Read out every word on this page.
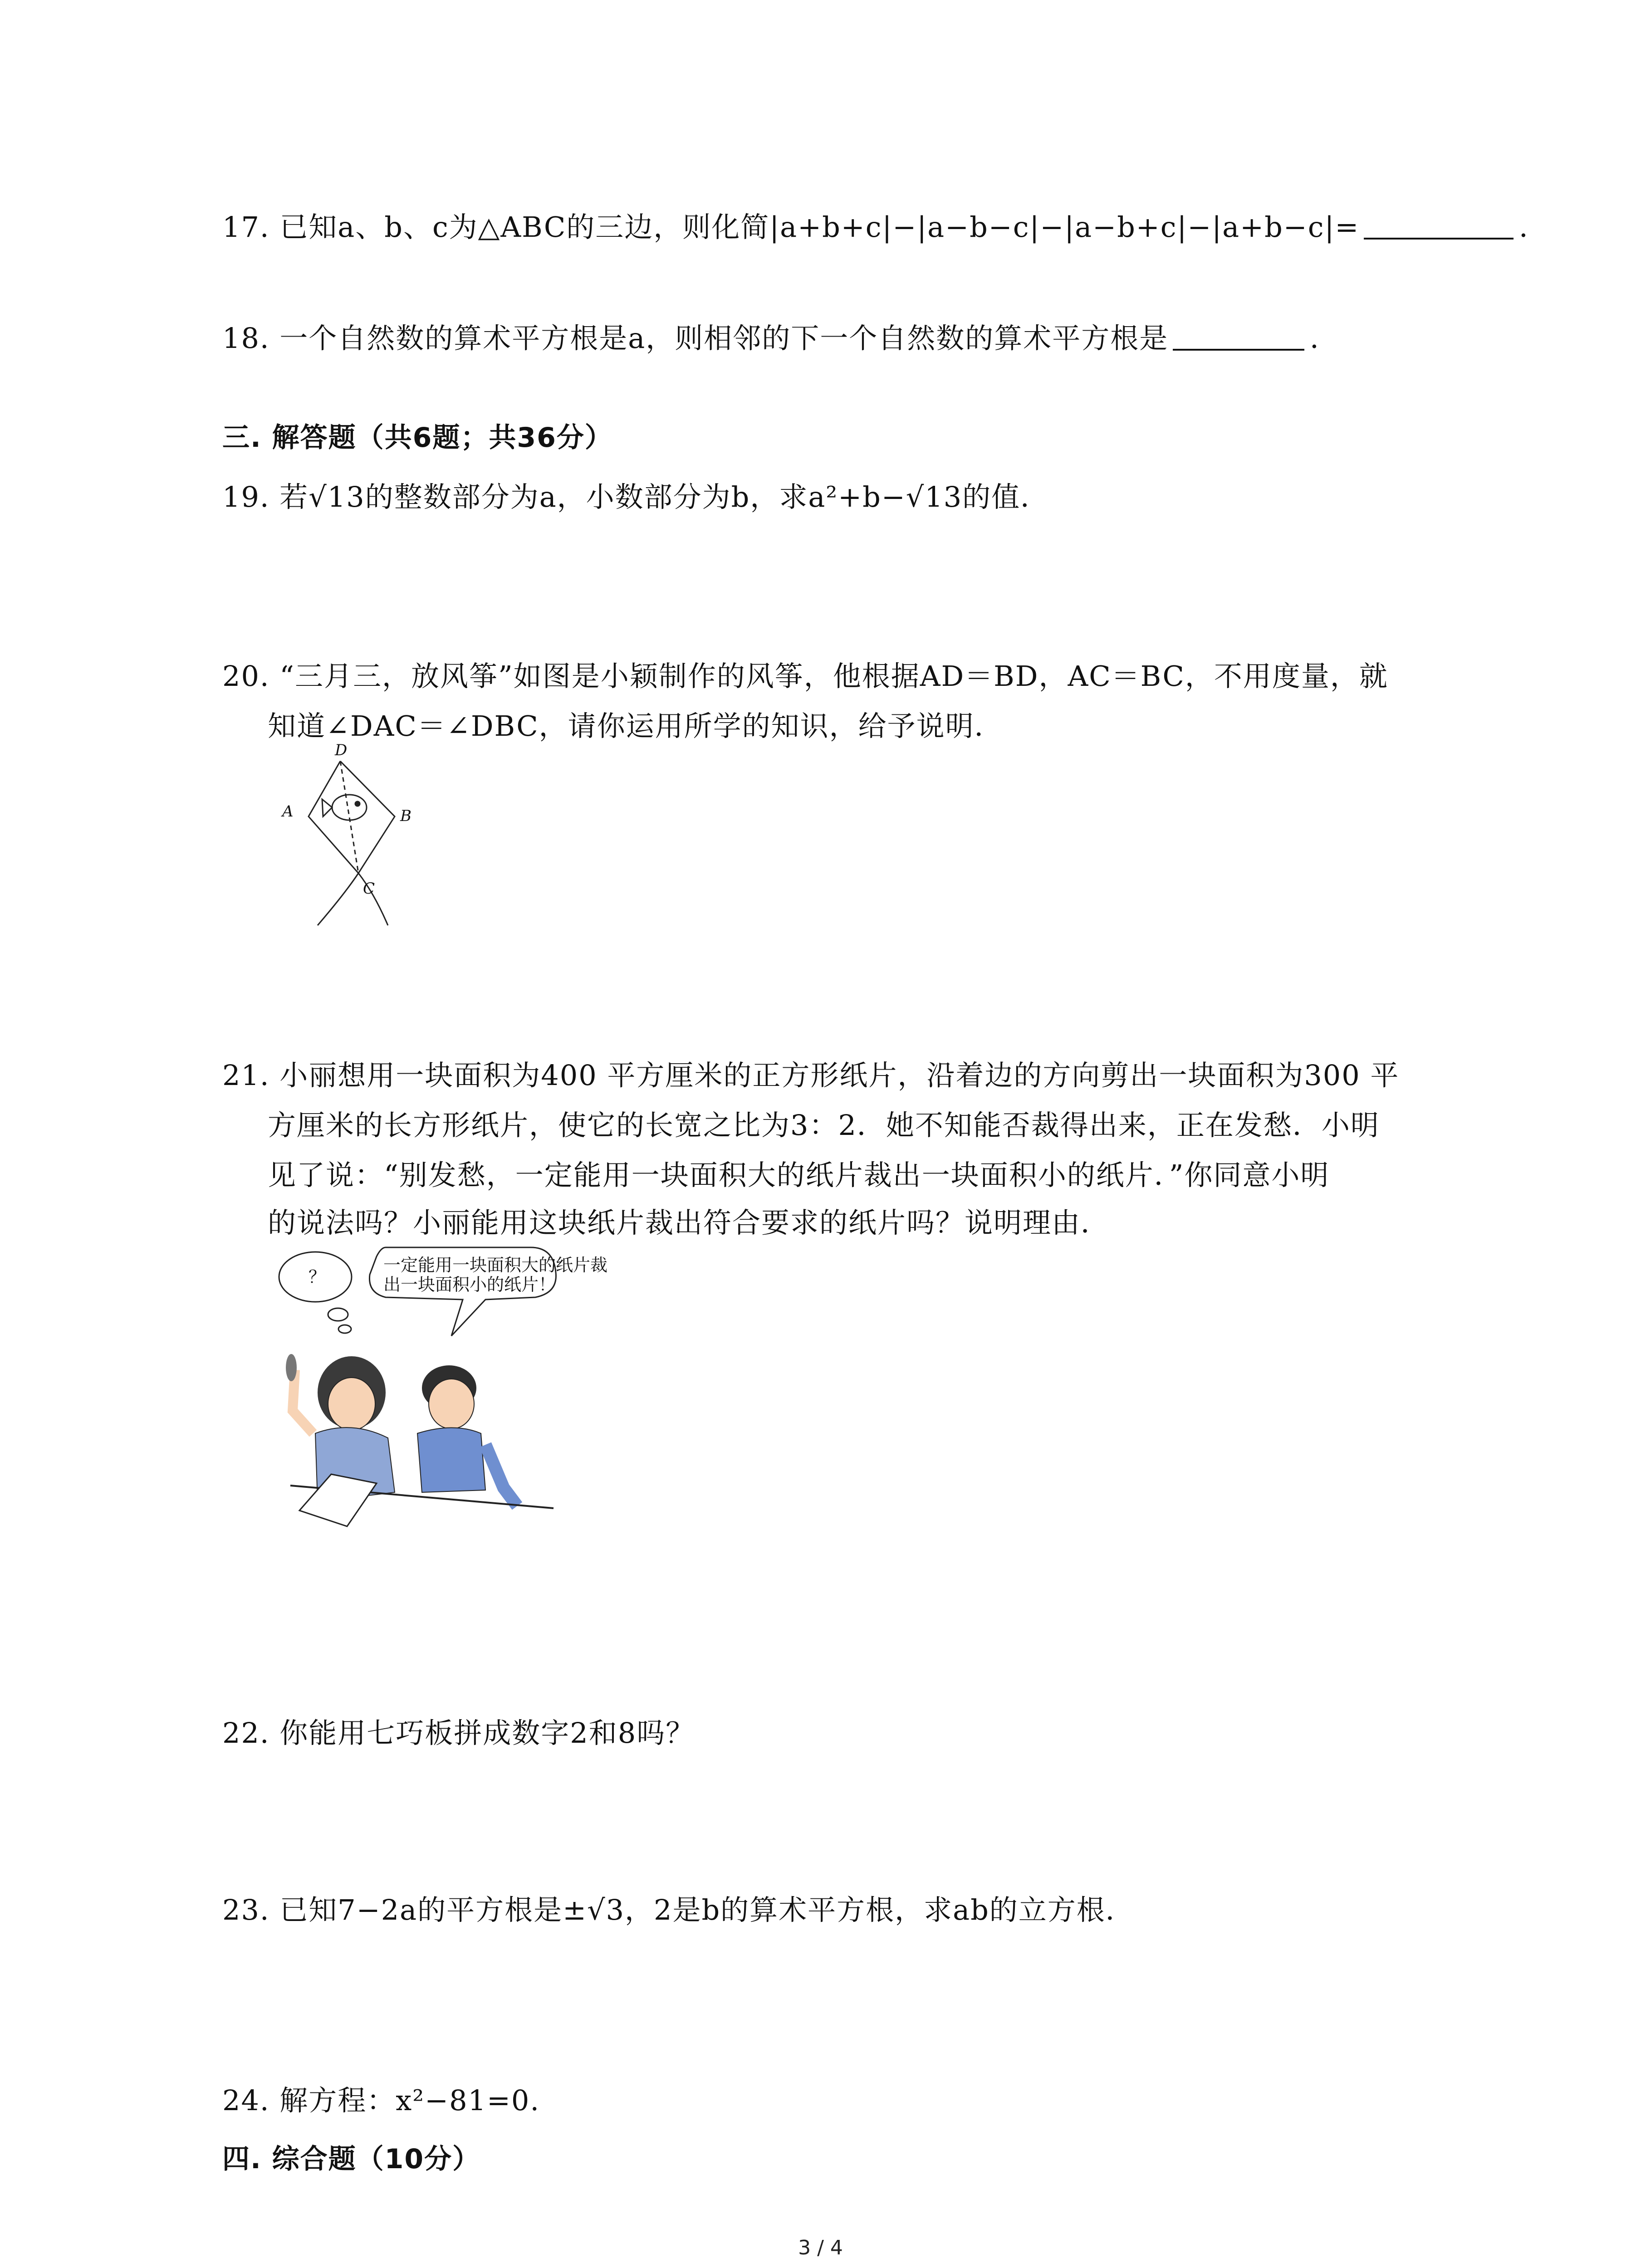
17. 已知a、b、c为△ABC的三边，则化简|a+b+c|−|a−b−c|−|a−b+c|−|a+b−c|=	．
18. 一个自然数的算术平方根是a，则相邻的下一个自然数的算术平方根是	．
三. 解答题（共6题；共36分）
19. 若√13的整数部分为a，小数部分为b，求a²+b−√13的值．
20. “三月三，放风筝”如图是小颖制作的风筝，他根据AD＝BD，AC＝BC，不用度量，就
知道∠DAC＝∠DBC，请你运用所学的知识，给予说明．
D
A	B
C
21. 小丽想用一块面积为400 平方厘米的正方形纸片，沿着边的方向剪出一块面积为300 平
方厘米的长方形纸片，使它的长宽之比为3：2．她不知能否裁得出来，正在发愁．小明
见了说：“别发愁，一定能用一块面积大的纸片裁出一块面积小的纸片．”你同意小明
的说法吗？小丽能用这块纸片裁出符合要求的纸片吗？说明理由．
？
一定能用一块面积大的纸片裁
出一块面积小的纸片！
22. 你能用七巧板拼成数字2和8吗？
23. 已知7−2a的平方根是±√3，2是b的算术平方根，求ab的立方根．
24. 解方程：x²−81=0.
四. 综合题（10分）
3 / 4
